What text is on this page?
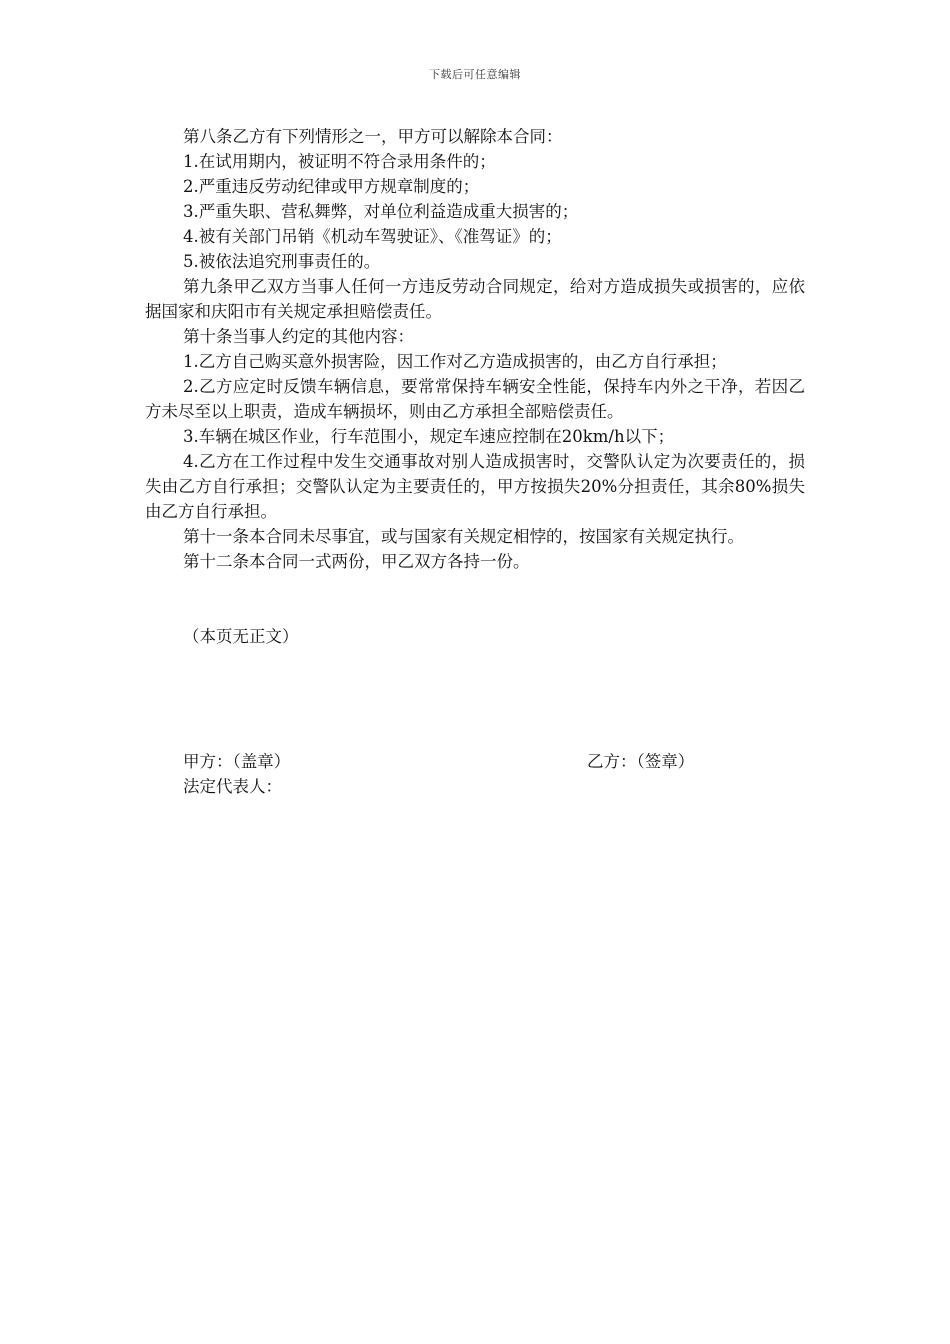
下载后可任意编辑

第八条乙方有下列情形之一，甲方可以解除本合同：

1.在试用期内，被证明不符合录用条件的；

2.严重违反劳动纪律或甲方规章制度的；

3.严重失职、营私舞弊，对单位利益造成重大损害的；

4.被有关部门吊销《机动车驾驶证》、《准驾证》的；

5.被依法追究刑事责任的。

第九条甲乙双方当事人任何一方违反劳动合同规定，给对方造成损失或损害的，应依据国家和庆阳市有关规定承担赔偿责任。

第十条当事人约定的其他内容：

1.乙方自己购买意外损害险，因工作对乙方造成损害的，由乙方自行承担；

2.乙方应定时反馈车辆信息，要常常保持车辆安全性能，保持车内外之干净，若因乙方未尽至以上职责，造成车辆损坏，则由乙方承担全部赔偿责任。

3.车辆在城区作业，行车范围小，规定车速应控制在20km/h以下；

4.乙方在工作过程中发生交通事故对别人造成损害时，交警队认定为次要责任的，损失由乙方自行承担；交警队认定为主要责任的，甲方按损失20%分担责任，其余80%损失由乙方自行承担。

第十一条本合同未尽事宜，或与国家有关规定相悖的，按国家有关规定执行。

第十二条本合同一式两份，甲乙双方各持一份。

（本页无正文）

甲方：（盖章）	乙方：（签章）

法定代表人：
